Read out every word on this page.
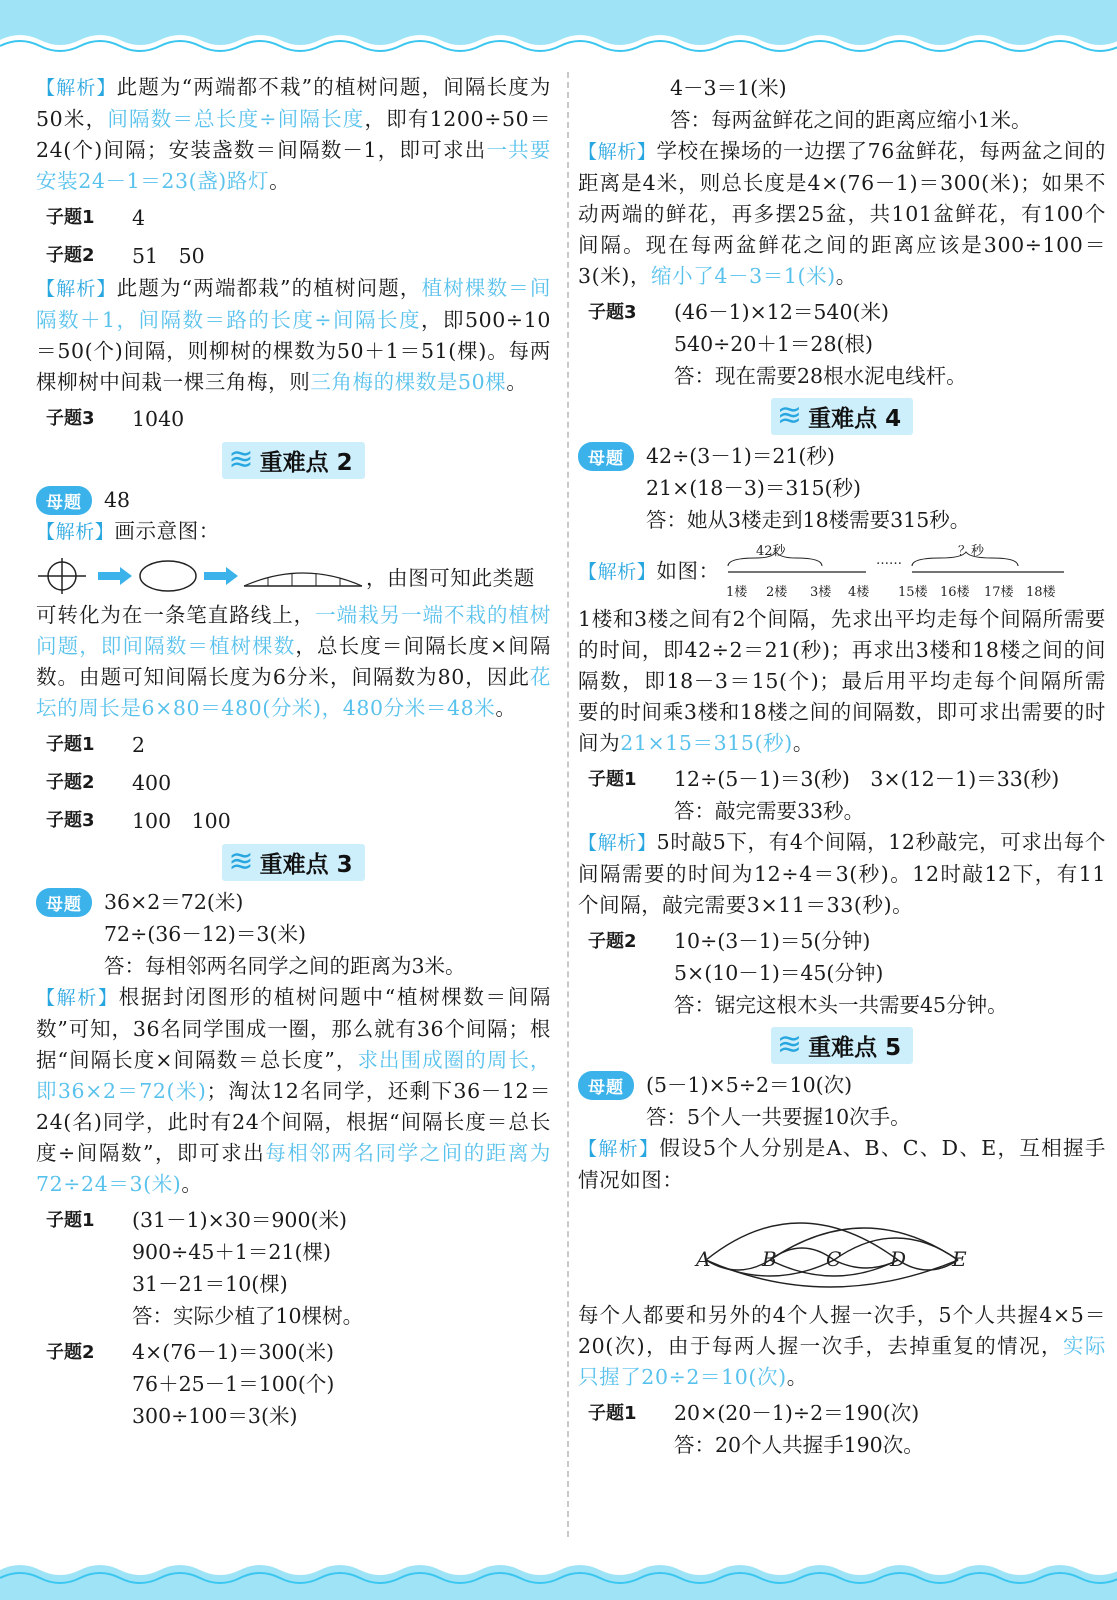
【解析】此题为“两端都不栽”的植树问题，间隔长度为50米，间隔数＝总长度÷间隔长度，即有1200÷50＝24(个)间隔；安装盏数＝间隔数－1，即可求出一共要安装24－1＝23(盏)路灯。

子题1	4
子题2	51　50

【解析】此题为“两端都栽”的植树问题，植树棵数＝间隔数＋1，间隔数＝路的长度÷间隔长度，即500÷10＝50(个)间隔，则柳树的棵数为50＋1＝51(棵)。每两棵柳树中间栽一棵三角梅，则三角梅的棵数是50棵。

子题3	1040
≋ 重难点 2
母题	48

【解析】画示意图：

，由图可知此类题

可转化为在一条笔直路线上，一端栽另一端不栽的植树问题，即间隔数＝植树棵数，总长度＝间隔长度×间隔数。由题可知间隔长度为6分米，间隔数为80，因此花坛的周长是6×80＝480(分米)，480分米＝48米。

子题1	2
子题2	400
子题3	100　100
≋ 重难点 3
母题	36×2＝72(米)
72÷(36－12)＝3(米)
答：每相邻两名同学之间的距离为3米。

【解析】根据封闭图形的植树问题中“植树棵数＝间隔数”可知，36名同学围成一圈，那么就有36个间隔；根据“间隔长度×间隔数＝总长度”，求出围成圈的周长，即36×2＝72(米)；淘汰12名同学，还剩下36－12＝24(名)同学，此时有24个间隔，根据“间隔长度＝总长度÷间隔数”，即可求出每相邻两名同学之间的距离为72÷24＝3(米)。

子题1	(31－1)×30＝900(米)
900÷45＋1＝21(棵)
31－21＝10(棵)
答：实际少植了10棵树。
子题2	4×(76－1)＝300(米)
76＋25－1＝100(个)
300÷100＝3(米)
4－3＝1(米)
答：每两盆鲜花之间的距离应缩小1米。

【解析】学校在操场的一边摆了76盆鲜花，每两盆之间的距离是4米，则总长度是4×(76－1)＝300(米)；如果不动两端的鲜花，再多摆25盆，共101盆鲜花，有100个间隔。现在每两盆鲜花之间的距离应该是300÷100＝3(米)，缩小了4－3＝1(米)。

子题3	(46－1)×12＝540(米)
540÷20＋1＝28(根)
答：现在需要28根水泥电线杆。
≋ 重难点 4
母题	42÷(3－1)＝21(秒)
21×(18－3)＝315(秒)
答：她从3楼走到18楼需要315秒。
【解析】如图：
42秒
……
？秒
1楼 2楼 3楼 4楼 15楼 16楼 17楼 18楼

1楼和3楼之间有2个间隔，先求出平均走每个间隔所需要的时间，即42÷2＝21(秒)；再求出3楼和18楼之间的间隔数，即18－3＝15(个)；最后用平均走每个间隔所需要的时间乘3楼和18楼之间的间隔数，即可求出需要的时间为21×15＝315(秒)。

子题1	12÷(5－1)＝3(秒)　3×(12－1)＝33(秒)
答：敲完需要33秒。

【解析】5时敲5下，有4个间隔，12秒敲完，可求出每个间隔需要的时间为12÷4＝3(秒)。12时敲12下，有11个间隔，敲完需要3×11＝33(秒)。

子题2	10÷(3－1)＝5(分钟)
5×(10－1)＝45(分钟)
答：锯完这根木头一共需要45分钟。
≋ 重难点 5
母题	(5－1)×5÷2＝10(次)
答：5个人一共要握10次手。

【解析】假设5个人分别是A、B、C、D、E，互相握手情况如图：

A	B C D E

每个人都要和另外的4个人握一次手，5个人共握4×5＝20(次)，由于每两人握一次手，去掉重复的情况，实际只握了20÷2＝10(次)。

子题1	20×(20－1)÷2＝190(次)
答：20个人共握手190次。
